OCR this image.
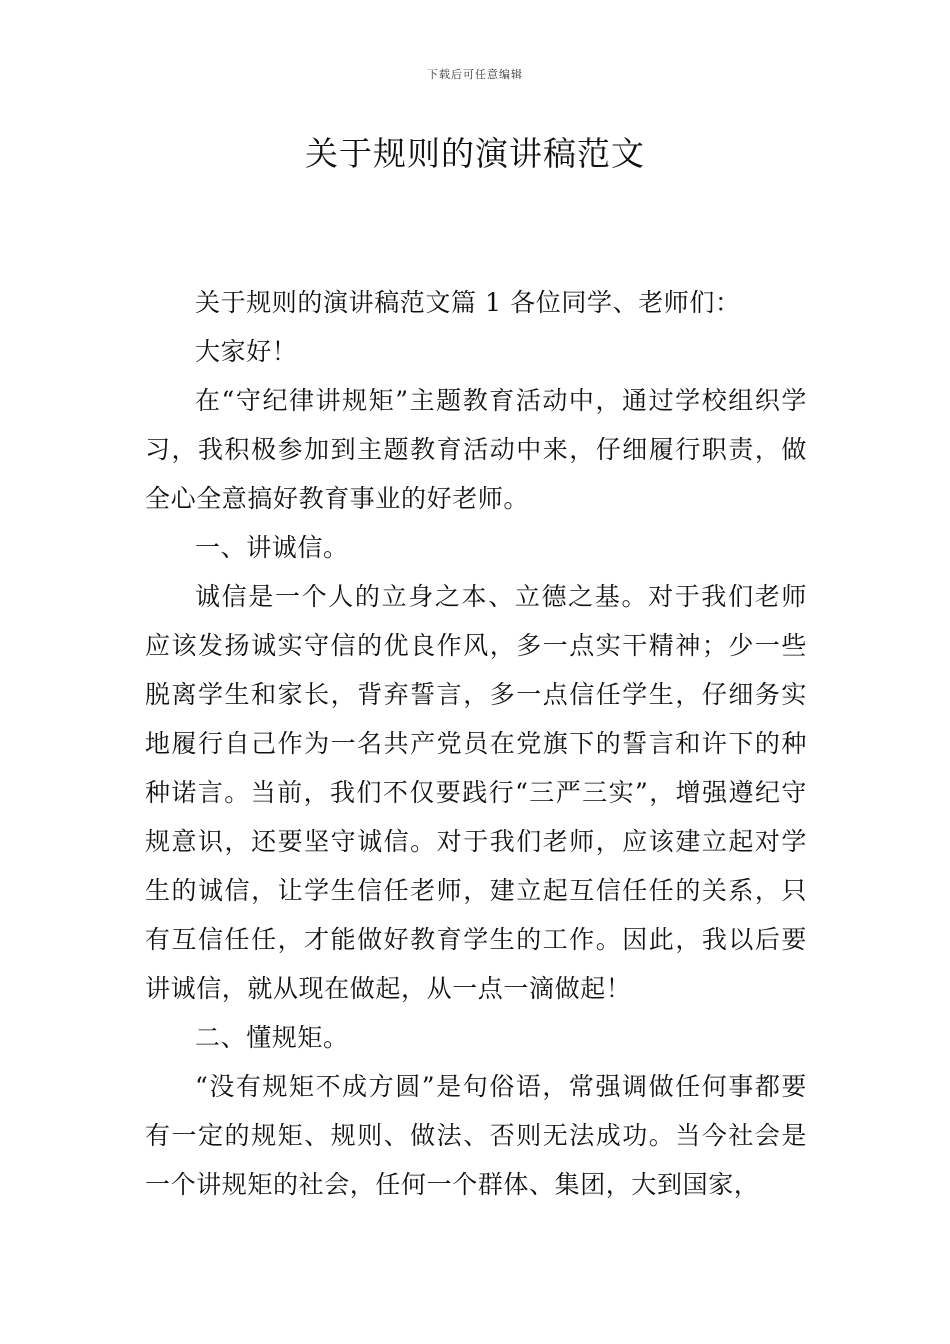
下载后可任意编辑
关于规则的演讲稿范文

关于规则的演讲稿范文篇 1 各位同学、老师们：

大家好！

在“守纪律讲规矩”主题教育活动中，通过学校组织学习，我积极参加到主题教育活动中来，仔细履行职责，做全心全意搞好教育事业的好老师。

一、讲诚信。

诚信是一个人的立身之本、立德之基。对于我们老师应该发扬诚实守信的优良作风，多一点实干精神；少一些脱离学生和家长，背弃誓言，多一点信任学生，仔细务实地履行自己作为一名共产党员在党旗下的誓言和许下的种种诺言。当前，我们不仅要践行“三严三实”，增强遵纪守规意识，还要坚守诚信。对于我们老师，应该建立起对学生的诚信，让学生信任老师，建立起互信任任的关系，只有互信任任，才能做好教育学生的工作。因此，我以后要讲诚信，就从现在做起，从一点一滴做起！

二、懂规矩。

“没有规矩不成方圆”是句俗语，常强调做任何事都要有一定的规矩、规则、做法、否则无法成功。当今社会是一个讲规矩的社会，任何一个群体、集团，大到国家，
